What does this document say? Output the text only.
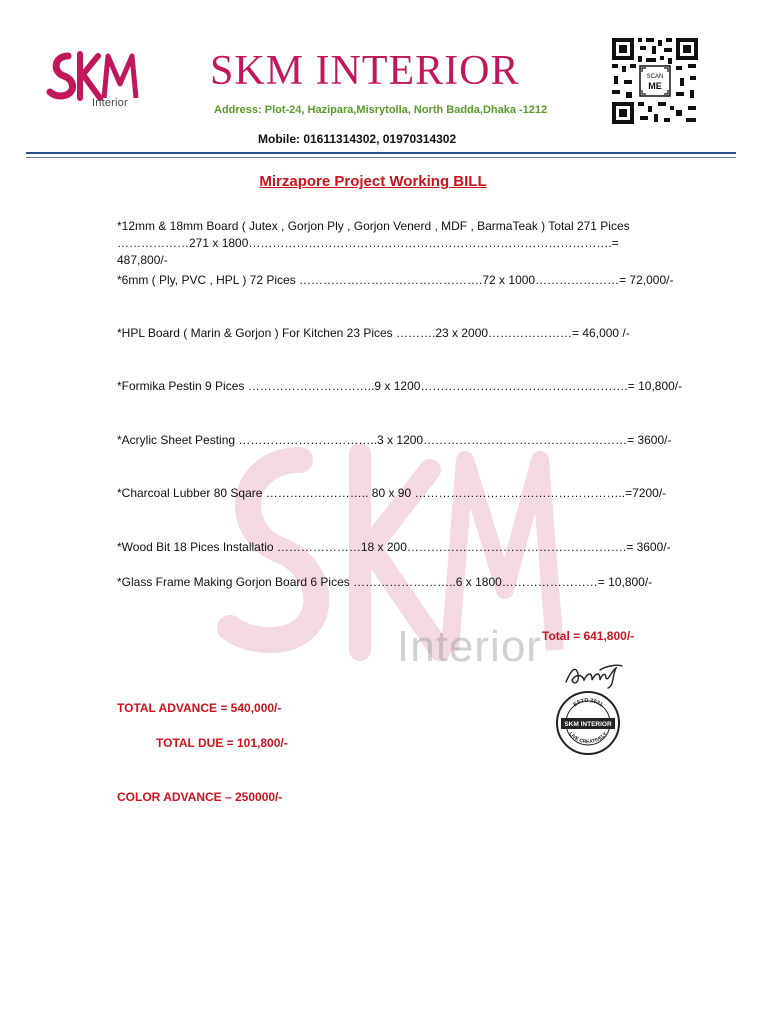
Interior
SKM INTERIOR
Address: Plot-24, Hazipara,Misrytolla, North Badda,Dhaka -1212
Mobile: 01611314302, 01970314302
SCAN
ME
Interior
Mirzapore Project Working BILL
*12mm & 18mm Board ( Jutex , Gorjon Ply , Gorjon Venerd , MDF , BarmaTeak ) Total 271 Pices ………………271 x 1800……………………………………………………………………………….= 487,800/-
*6mm ( Ply, PVC , HPL ) 72 Pices ……………………………………….72 x 1000…………………= 72,000/-
*HPL Board ( Marin & Gorjon ) For Kitchen 23 Pices ……….23 x 2000…………………= 46,000 /-
*Formika Pestin 9 Pices …………………………..9 x 1200…………………………………………….= 10,800/-
*Acrylic Sheet Pesting ……………………………..3 x 1200……………………………………………= 3600/-
*Charcoal Lubber 80 Sqare …………………….. 80 x 90 ……………………………………………..=7200/-
*Wood Bit 18 Pices Installatio …………………18 x 200……………………………………………….= 3600/-
*Glass Frame Making Gorjon Board 6 Pices ……………………..6 x 1800……………………= 10,800/-
Total = 641,800/-
ESTD 2021
LIVE CREATIVELY
SKM INTERIOR
TOTAL ADVANCE = 540,000/-
TOTAL DUE = 101,800/-
COLOR ADVANCE – 250000/-
